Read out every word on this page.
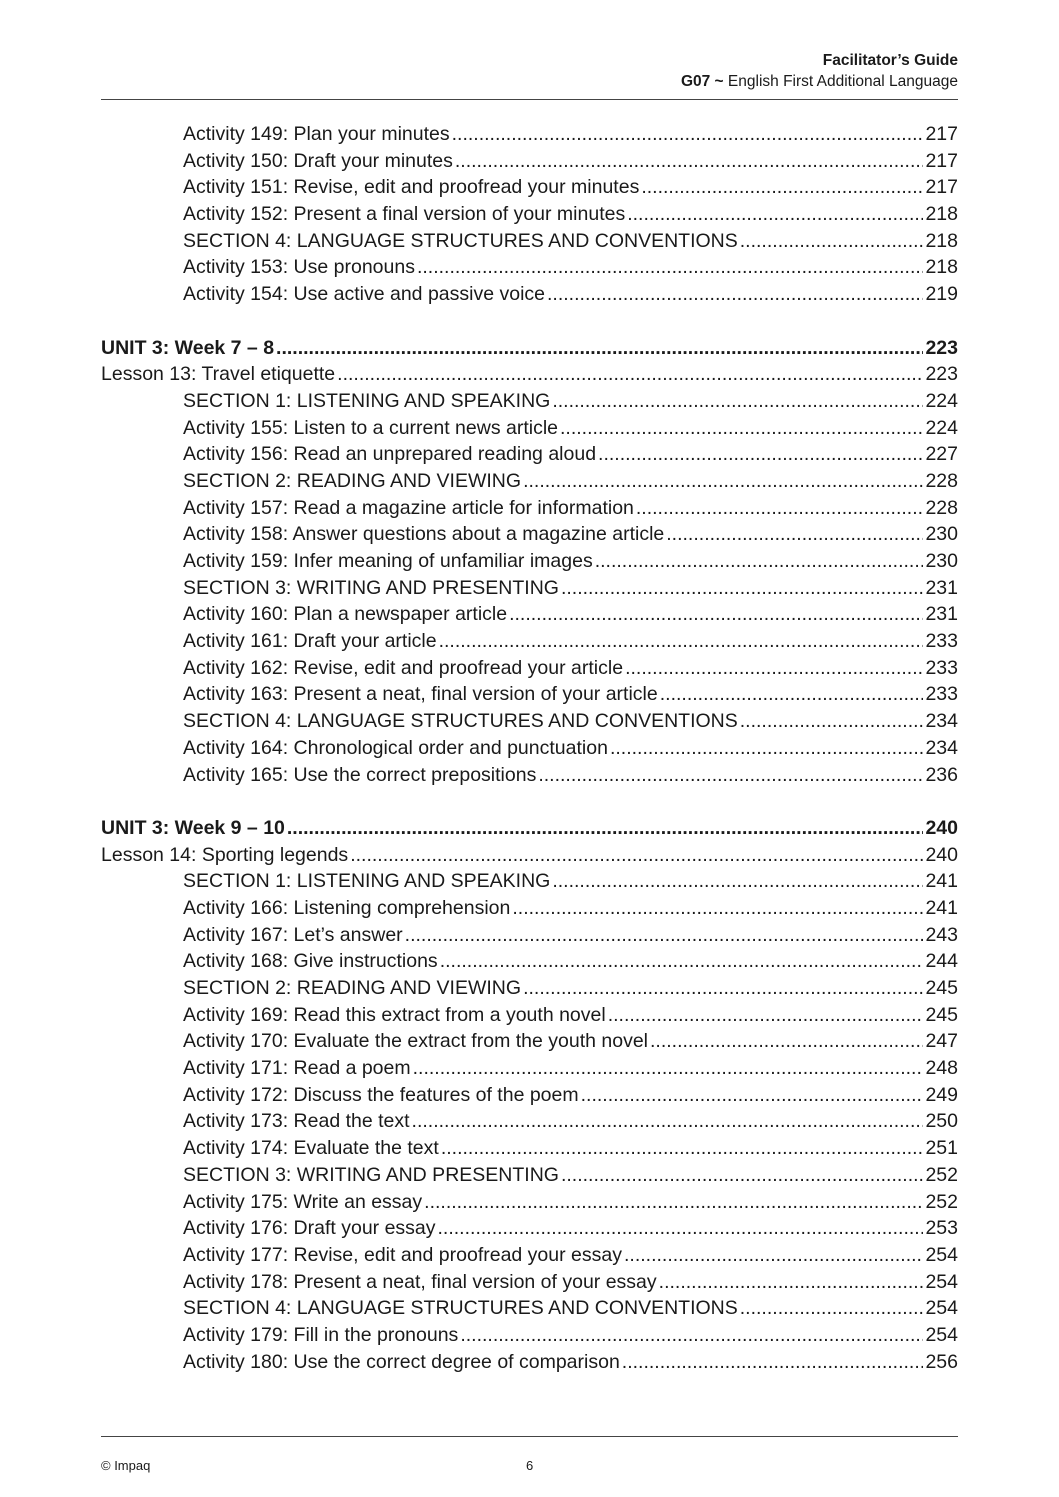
Facilitator’s Guide
G07 ~ English First Additional Language
Activity 149: Plan your minutes .....	217
Activity 150: Draft your minutes .....	217
Activity 151: Revise, edit and proofread your minutes .....	217
Activity 152: Present a final version of your minutes .....	218
SECTION 4: LANGUAGE STRUCTURES AND CONVENTIONS .....	218
Activity 153: Use pronouns .....	218
Activity 154: Use active and passive voice .....	219
UNIT 3: Week 7 – 8 .....	223
Lesson 13: Travel etiquette .....	223
SECTION 1: LISTENING AND SPEAKING .....	224
Activity 155: Listen to a current news article .....	224
Activity 156: Read an unprepared reading aloud .....	227
SECTION 2: READING AND VIEWING .....	228
Activity 157: Read a magazine article for information .....	228
Activity 158: Answer questions about a magazine article .....	230
Activity 159: Infer meaning of unfamiliar images .....	230
SECTION 3: WRITING AND PRESENTING .....	231
Activity 160: Plan a newspaper article .....	231
Activity 161: Draft your article .....	233
Activity 162: Revise, edit and proofread your article .....	233
Activity 163: Present a neat, final version of your article .....	233
SECTION 4: LANGUAGE STRUCTURES AND CONVENTIONS .....	234
Activity 164: Chronological order and punctuation .....	234
Activity 165: Use the correct prepositions .....	236
UNIT 3: Week 9 – 10 .....	240
Lesson 14: Sporting legends .....	240
SECTION 1: LISTENING AND SPEAKING .....	241
Activity 166: Listening comprehension .....	241
Activity 167: Let’s answer .....	243
Activity 168: Give instructions .....	244
SECTION 2: READING AND VIEWING .....	245
Activity 169: Read this extract from a youth novel .....	245
Activity 170: Evaluate the extract from the youth novel .....	247
Activity 171: Read a poem .....	248
Activity 172: Discuss the features of the poem .....	249
Activity 173: Read the text .....	250
Activity 174: Evaluate the text .....	251
SECTION 3: WRITING AND PRESENTING .....	252
Activity 175: Write an essay .....	252
Activity 176: Draft your essay .....	253
Activity 177: Revise, edit and proofread your essay .....	254
Activity 178: Present a neat, final version of your essay .....	254
SECTION 4: LANGUAGE STRUCTURES AND CONVENTIONS .....	254
Activity 179: Fill in the pronouns .....	254
Activity 180: Use the correct degree of comparison .....	256
© Impaq	6
